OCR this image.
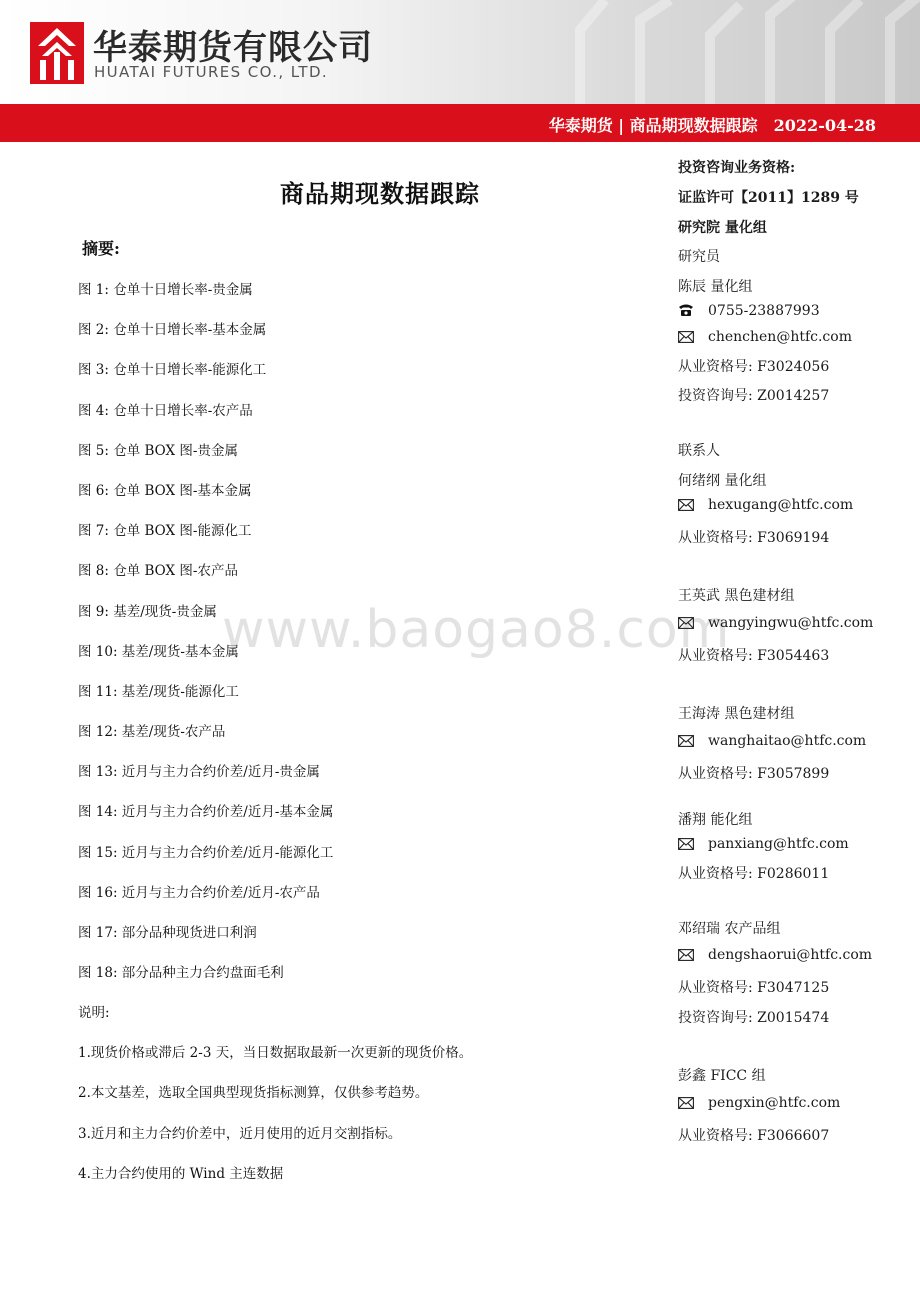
华泰期货有限公司
HUATAI FUTURES CO., LTD.
华泰期货 | 商品期现数据跟踪 2022-04-28
商品期现数据跟踪
摘要:
图 1: 仓单十日增长率-贵金属
图 2: 仓单十日增长率-基本金属
图 3: 仓单十日增长率-能源化工
图 4: 仓单十日增长率-农产品
图 5: 仓单 BOX 图-贵金属
图 6: 仓单 BOX 图-基本金属
图 7: 仓单 BOX 图-能源化工
图 8: 仓单 BOX 图-农产品
图 9: 基差/现货-贵金属
图 10: 基差/现货-基本金属
图 11: 基差/现货-能源化工
图 12: 基差/现货-农产品
图 13: 近月与主力合约价差/近月-贵金属
图 14: 近月与主力合约价差/近月-基本金属
图 15: 近月与主力合约价差/近月-能源化工
图 16: 近月与主力合约价差/近月-农产品
图 17: 部分品种现货进口利润
图 18: 部分品种主力合约盘面毛利
说明:
1.现货价格或滞后 2-3 天，当日数据取最新一次更新的现货价格。
2.本文基差，选取全国典型现货指标测算，仅供参考趋势。
3.近月和主力合约价差中，近月使用的近月交割指标。
4.主力合约使用的 Wind 主连数据
www.baogao8.com
投资咨询业务资格:
证监许可【2011】1289 号
研究院 量化组
研究员
陈辰 量化组
0755-23887993
chenchen@htfc.com
从业资格号: F3024056
投资咨询号: Z0014257
联系人
何绪纲 量化组
hexugang@htfc.com
从业资格号: F3069194
王英武 黑色建材组
wangyingwu@htfc.com
从业资格号: F3054463
王海涛 黑色建材组
wanghaitao@htfc.com
从业资格号: F3057899
潘翔 能化组
panxiang@htfc.com
从业资格号: F0286011
邓绍瑞 农产品组
dengshaorui@htfc.com
从业资格号: F3047125
投资咨询号: Z0015474
彭鑫 FICC 组
pengxin@htfc.com
从业资格号: F3066607
